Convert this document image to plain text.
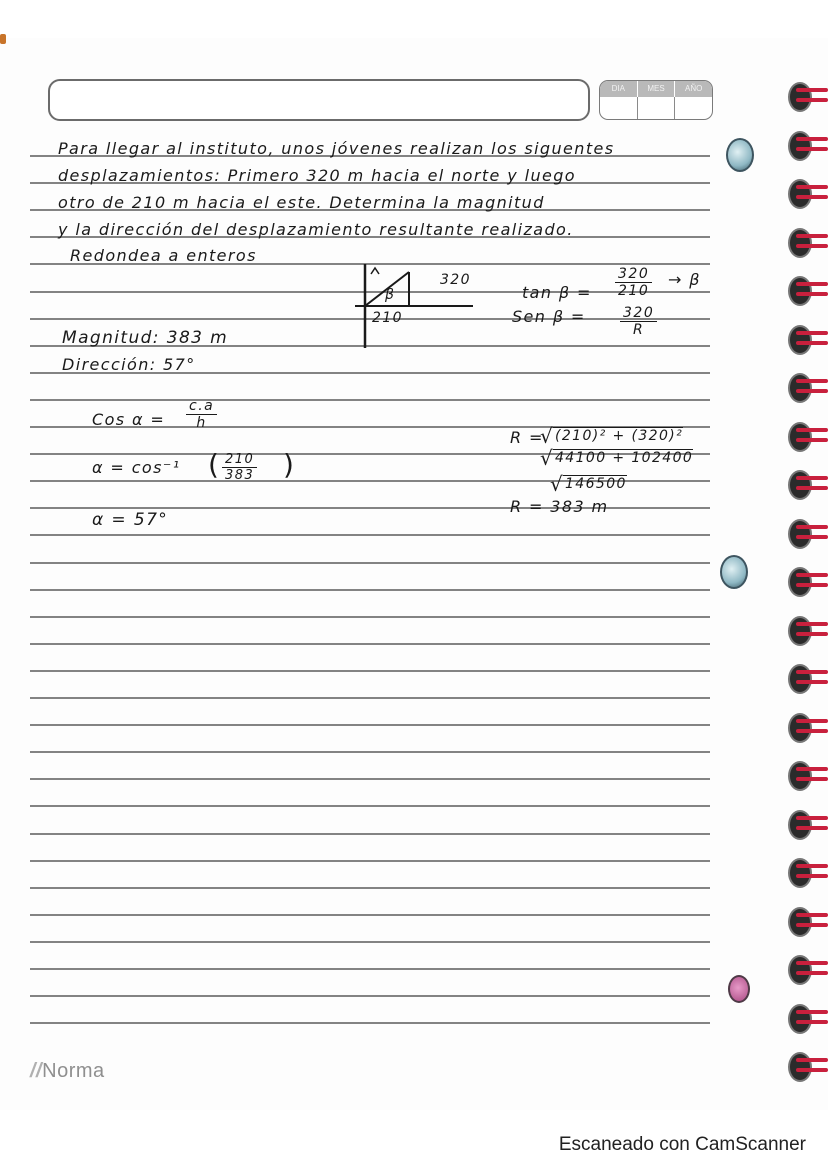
DIA	MES	AÑO
Para llegar al instituto, unos jóvenes realizan los siguentes
desplazamientos: Primero 320 m hacia el norte y luego
otro de 210 m hacia el este. Determina la magnitud
y la dirección del desplazamiento resultante realizado.
Redondea a enteros
β
320
210
$\tan \beta = \frac{320}{210} \to \beta$
Sen $\beta = \frac{320}{R}$
Magnitud: 383 m
Dirección: 57°
Cos $\alpha = \frac{c.a}{h}$
α = cos⁻¹ ( $\frac{210}{383}$ )
α = 57°
R =
√ (210)² + (320)²
√ 44100 + 102400
√ 146500
R = 383 m
//Norma
Escaneado con CamScanner
